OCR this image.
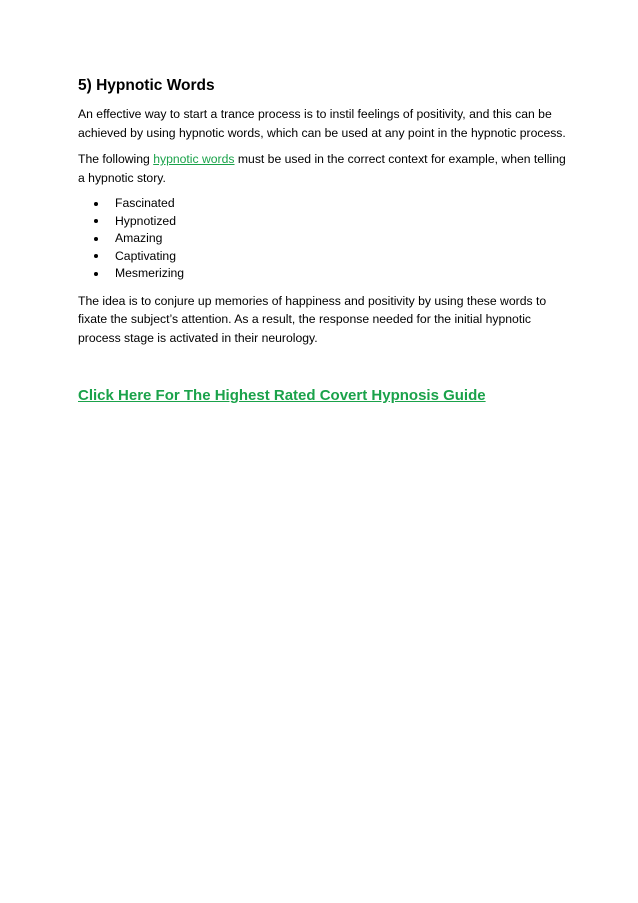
5) Hypnotic Words

An effective way to start a trance process is to instil feelings of positivity, and this can be achieved by using hypnotic words, which can be used at any point in the hypnotic process.

The following hypnotic words must be used in the correct context for example, when telling a hypnotic story.

Fascinated
Hypnotized
Amazing
Captivating
Mesmerizing

The idea is to conjure up memories of happiness and positivity by using these words to fixate the subject’s attention. As a result, the response needed for the initial hypnotic process stage is activated in their neurology.

Click Here For The Highest Rated Covert Hypnosis Guide
